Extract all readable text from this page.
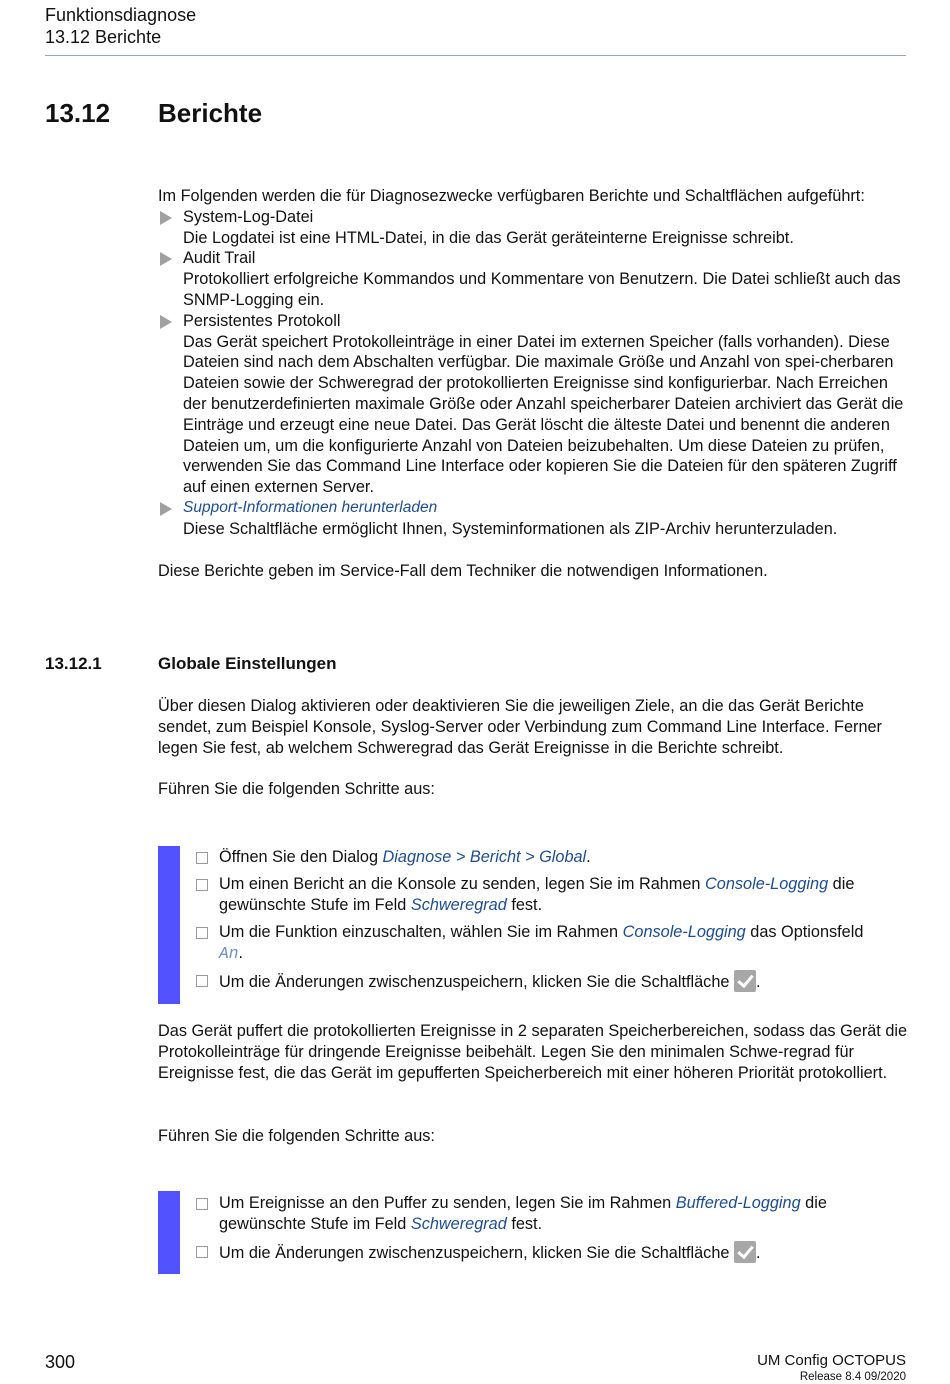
Funktionsdiagnose
13.12 Berichte
13.12 Berichte
Im Folgenden werden die für Diagnosezwecke verfügbaren Berichte und Schaltflächen aufgeführt:
System-Log-Datei
Die Logdatei ist eine HTML-Datei, in die das Gerät geräteinterne Ereignisse schreibt.
Audit Trail
Protokolliert erfolgreiche Kommandos und Kommentare von Benutzern. Die Datei schließt auch das SNMP-Logging ein.
Persistentes Protokoll
Das Gerät speichert Protokolleinträge in einer Datei im externen Speicher (falls vorhanden). Diese Dateien sind nach dem Abschalten verfügbar. Die maximale Größe und Anzahl von spei-cherbaren Dateien sowie der Schweregrad der protokollierten Ereignisse sind konfigurierbar. Nach Erreichen der benutzerdefinierten maximale Größe oder Anzahl speicherbarer Dateien archiviert das Gerät die Einträge und erzeugt eine neue Datei. Das Gerät löscht die älteste Datei und benennt die anderen Dateien um, um die konfigurierte Anzahl von Dateien beizubehalten. Um diese Dateien zu prüfen, verwenden Sie das Command Line Interface oder kopieren Sie die Dateien für den späteren Zugriff auf einen externen Server.
Support-Informationen herunterladen
Diese Schaltfläche ermöglicht Ihnen, Systeminformationen als ZIP-Archiv herunterzuladen.
Diese Berichte geben im Service-Fall dem Techniker die notwendigen Informationen.
13.12.1	Globale Einstellungen
Über diesen Dialog aktivieren oder deaktivieren Sie die jeweiligen Ziele, an die das Gerät Berichte sendet, zum Beispiel Konsole, Syslog-Server oder Verbindung zum Command Line Interface. Ferner legen Sie fest, ab welchem Schweregrad das Gerät Ereignisse in die Berichte schreibt.
Führen Sie die folgenden Schritte aus:
Öffnen Sie den Dialog Diagnose > Bericht > Global.
Um einen Bericht an die Konsole zu senden, legen Sie im Rahmen Console-Logging die gewünschte Stufe im Feld Schweregrad fest.
Um die Funktion einzuschalten, wählen Sie im Rahmen Console-Logging das Optionsfeld
An.
Um die Änderungen zwischenzuspeichern, klicken Sie die Schaltfläche .
Das Gerät puffert die protokollierten Ereignisse in 2 separaten Speicherbereichen, sodass das Gerät die Protokolleinträge für dringende Ereignisse beibehält. Legen Sie den minimalen Schwe-regrad für Ereignisse fest, die das Gerät im gepufferten Speicherbereich mit einer höheren Priorität protokolliert.
Führen Sie die folgenden Schritte aus:
Um Ereignisse an den Puffer zu senden, legen Sie im Rahmen Buffered-Logging die gewünschte Stufe im Feld Schweregrad fest.
Um die Änderungen zwischenzuspeichern, klicken Sie die Schaltfläche .
300	UM Config OCTOPUS
Release 8.4 09/2020
